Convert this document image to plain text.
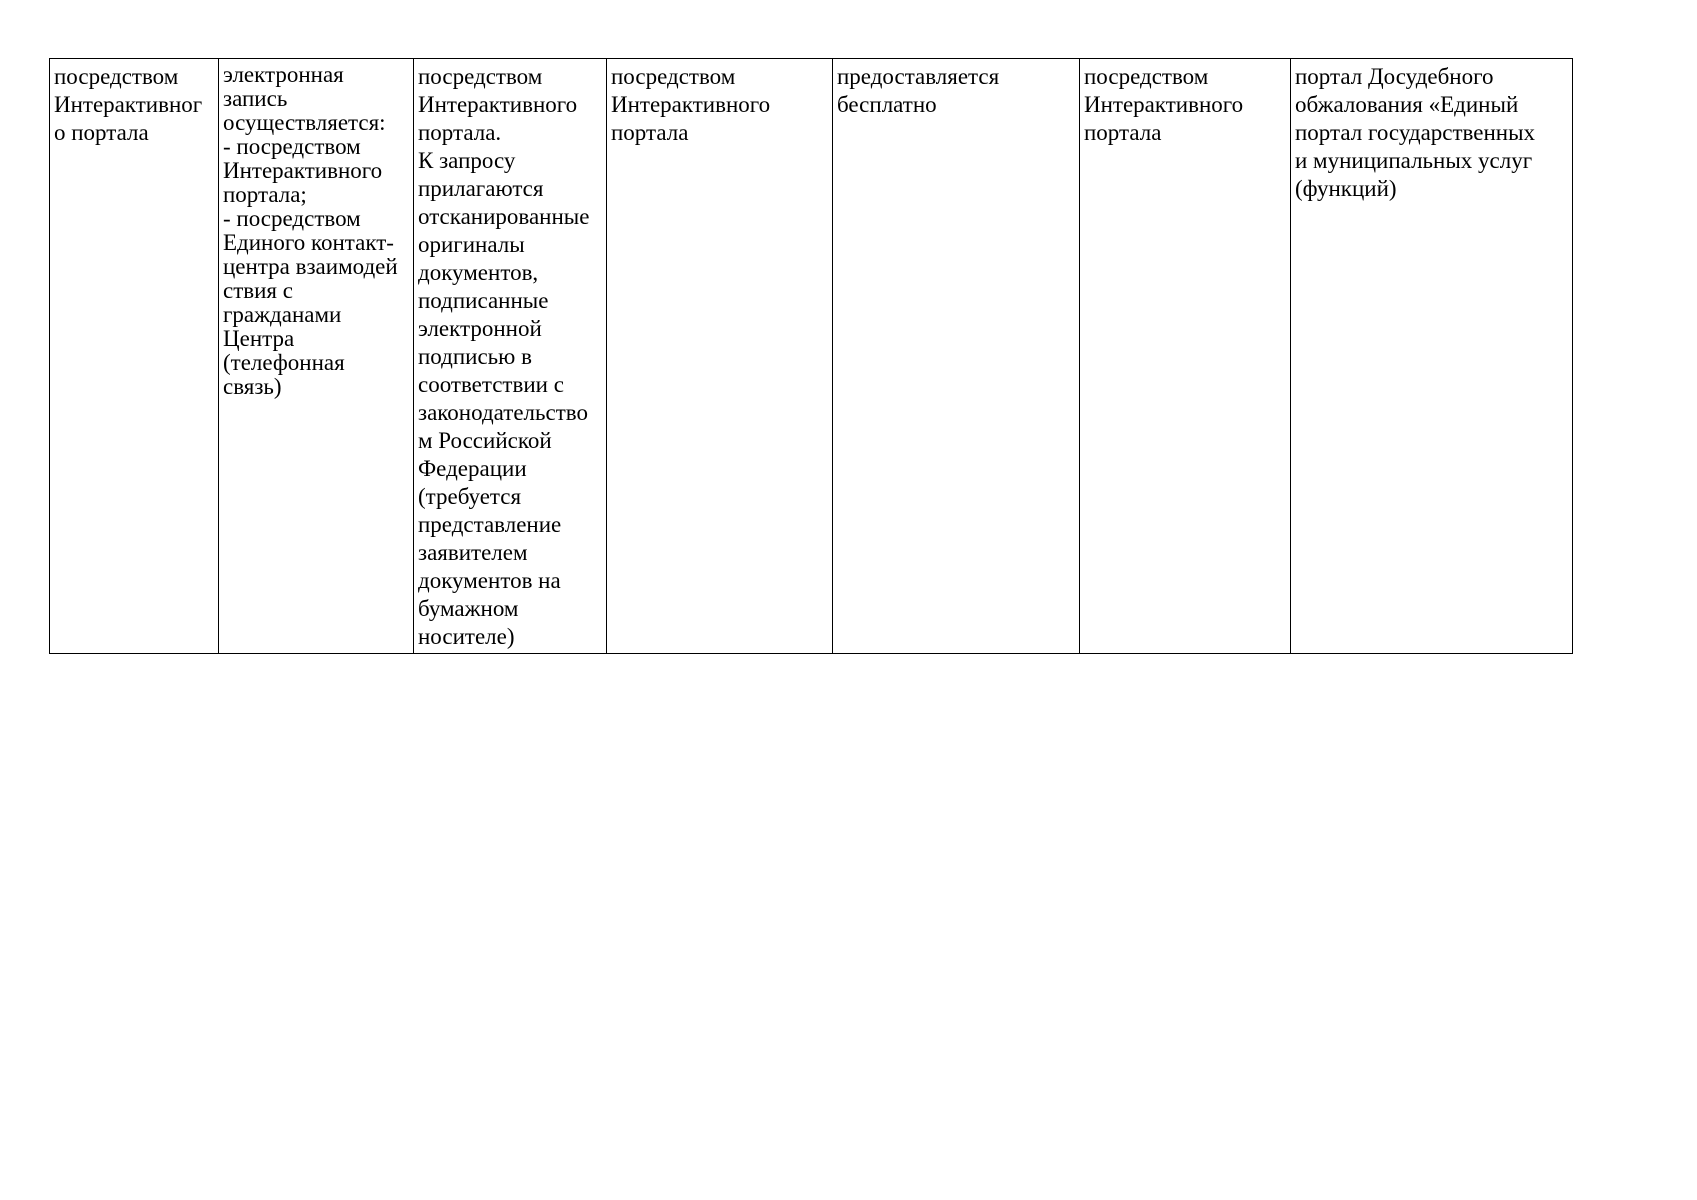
посредством
Интерактивног
о портала	электронная
запись
осуществляется:
- посредством
Интерактивного
портала;
- посредством
Единого контакт-
центра взаимодей
ствия с
гражданами
Центра
(телефонная
связь)	посредством
Интерактивного
портала.
К запросу
прилагаются
отсканированные
оригиналы
документов,
подписанные
электронной
подписью в
соответствии с
законодательство
м Российской
Федерации
(требуется
представление
заявителем
документов на
бумажном
носителе)	посредством
Интерактивного
портала	предоставляется
бесплатно	посредством
Интерактивного
портала	портал Досудебного
обжалования «Единый
портал государственных
и муниципальных услуг
(функций)
